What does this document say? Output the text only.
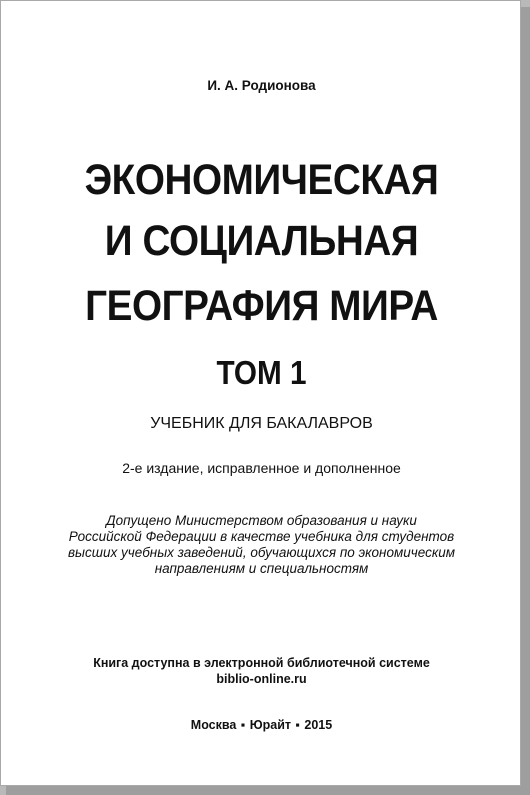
И. А. Родионова
ЭКОНОМИЧЕСКАЯ
И СОЦИАЛЬНАЯ
ГЕОГРАФИЯ МИРА
ТОМ 1
УЧЕБНИК ДЛЯ БАКАЛАВРОВ
2-е издание, исправленное и дополненное
Допущено Министерством образования и науки
Российской Федерации в качестве учебника для студентов
высших учебных заведений, обучающихся по экономическим
направлениям и специальностям
Книга доступна в электронной библиотечной системе
biblio-online.ru
Москва ▪ Юрайт ▪ 2015
